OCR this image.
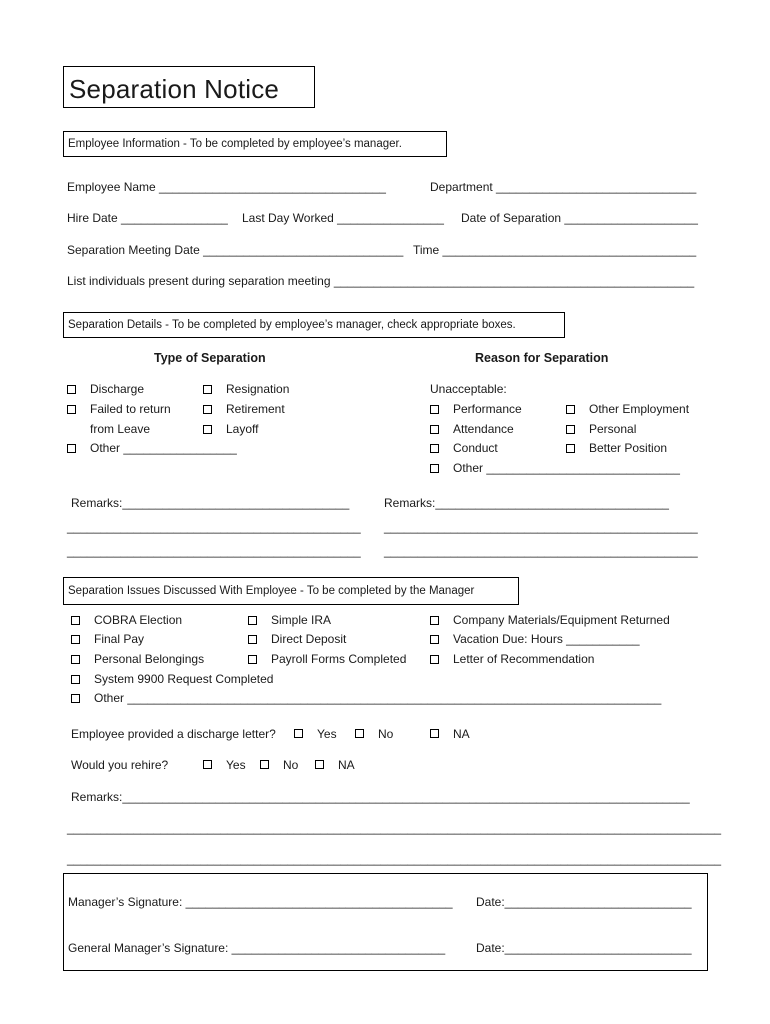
Separation Notice
Employee Information - To be completed by employee’s manager.
Employee Name __________________________________	Department ______________________________
Hire Date ________________ Last Day Worked ________________ Date of Separation ____________________
Separation Meeting Date ______________________________ Time ______________________________________
List individuals present during separation meeting ______________________________________________________
Separation Details - To be completed by employee’s manager, check appropriate boxes.
Type of Separation	Reason for Separation
Discharge
Failed to return
from Leave
Other _________________
Resignation
Retirement
Layoff
Unacceptable:
Performance
Attendance
Conduct
Other _____________________________
Other Employment
Personal
Better Position
Remarks:__________________________________	Remarks:___________________________________
____________________________________________ _______________________________________________
____________________________________________ _______________________________________________
Separation Issues Discussed With Employee - To be completed by the Manager
COBRA Election
Final Pay
Personal Belongings
System 9900 Request Completed
Other ________________________________________________________________________________
Simple IRA
Direct Deposit
Payroll Forms Completed
Company Materials/Equipment Returned
Vacation Due: Hours ___________
Letter of Recommendation
Employee provided a discharge letter?	Yes	No	NA
Would you rehire?	Yes	No	NA
Remarks:_____________________________________________________________________________________
__________________________________________________________________________________________________
__________________________________________________________________________________________________
Manager’s Signature: ________________________________________ Date:____________________________
General Manager’s Signature: ________________________________	Date:____________________________
